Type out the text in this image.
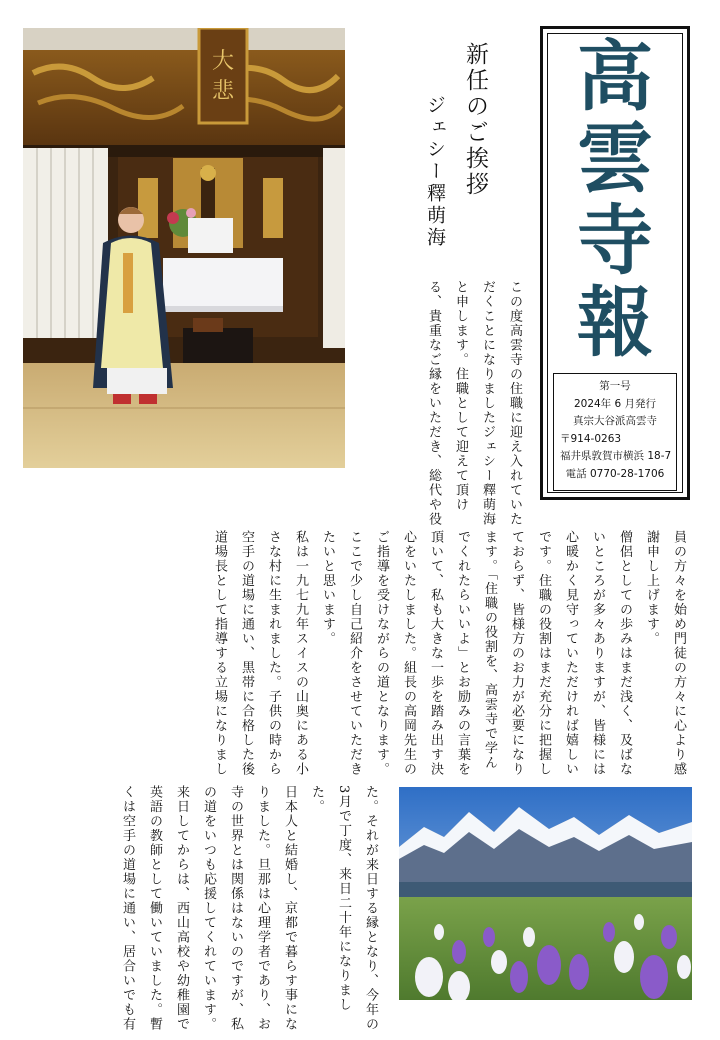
大
悲	新任のご挨拶
ジェシー釋萌海
この度高雲寺の住職に迎え入れていた
だくことになりましたジェシー釋萌海
と申します。住職として迎えて頂け
る、貴重なご縁をいただき、総代や役
高
雲
寺
報
第一号
2024年 6 月発行
真宗大谷派高雲寺
〒914-0263
福井県敦賀市横浜 18-7
電話 0770-28-1706
員の方々を始め門徒の方々に心より感
謝申し上げます。
僧侶としての歩みはまだ浅く、及ばな
いところが多々ありますが、皆様には
心暖かく見守っていただければ嬉しい
です。住職の役割はまだ充分に把握し
ておらず、皆様方のお力が必要になり
ます。「住職の役割を、高雲寺で学ん
でくれたらいいよ」とお励みの言葉を
頂いて、私も大きな一歩を踏み出す決
心をいたしました。組長の高岡先生の
ご指導を受けながらの道となります。
ここで少し自己紹介をさせていただき
たいと思います。
私は一九七九年スイスの山奥にある小
さな村に生まれました。子供の時から
空手の道場に通い、黒帯に合格した後
道場長として指導する立場になりまし
た。それが来日する縁となり、今年の
3月で丁度、来日二十年になりまし
た。
日本人と結婚し、京都で暮らす事にな
りました。旦那は心理学者であり、お
寺の世界とは関係はないのですが、私
の道をいつも応援してくれています。
来日してからは、西山高校や幼稚園で
英語の教師として働いていました。暫
くは空手の道場に通い、居合いでも有
